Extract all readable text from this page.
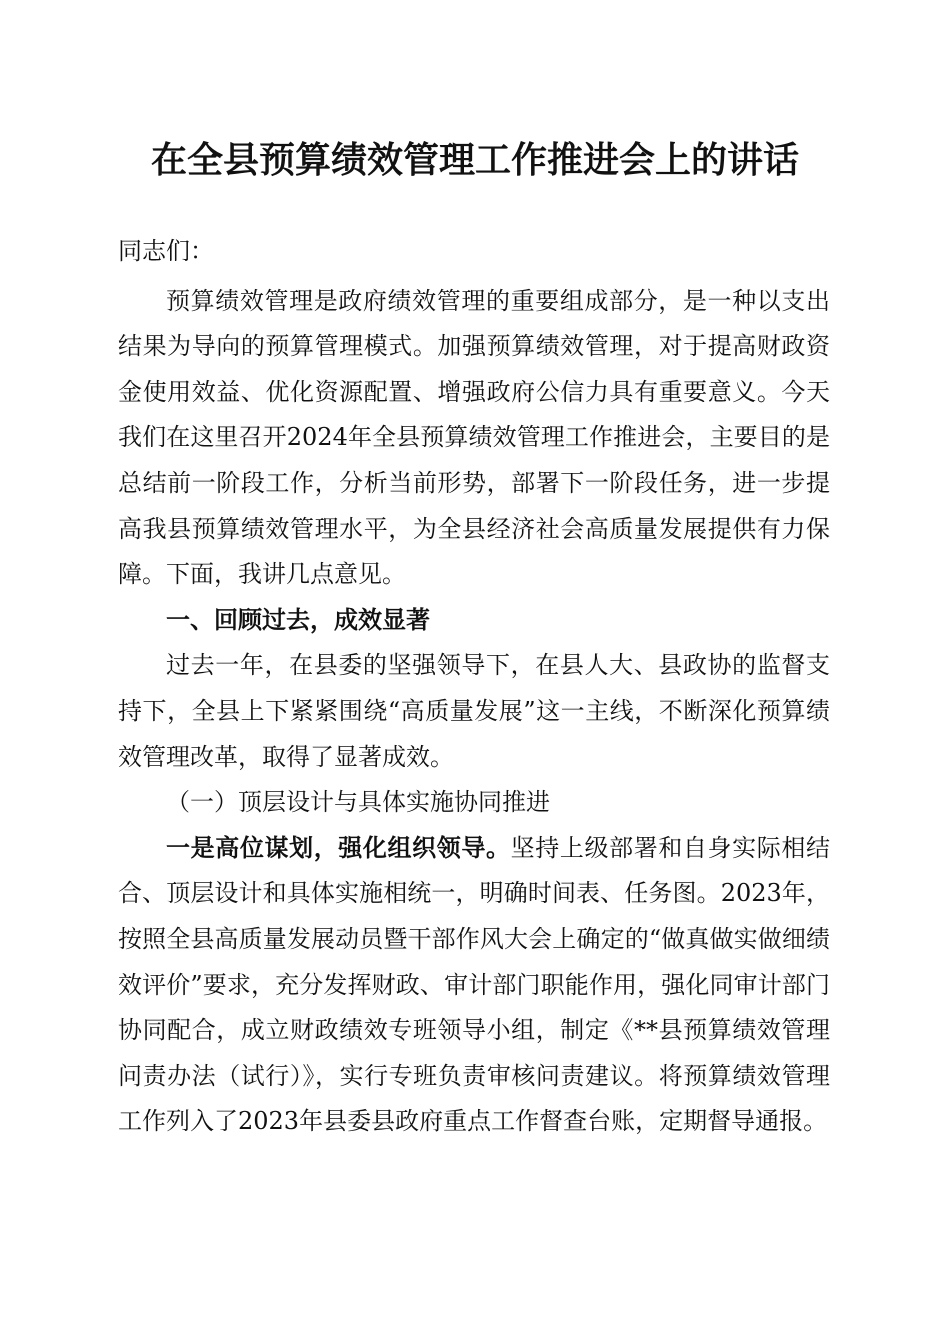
在全县预算绩效管理工作推进会上的讲话

同志们：

预算绩效管理是政府绩效管理的重要组成部分，是一种以支出结果为导向的预算管理模式。加强预算绩效管理，对于提高财政资金使用效益、优化资源配置、增强政府公信力具有重要意义。今天我们在这里召开2024年全县预算绩效管理工作推进会，主要目的是总结前一阶段工作，分析当前形势，部署下一阶段任务，进一步提高我县预算绩效管理水平，为全县经济社会高质量发展提供有力保障。下面，我讲几点意见。

一、回顾过去，成效显著

过去一年，在县委的坚强领导下，在县人大、县政协的监督支持下，全县上下紧紧围绕“高质量发展”这一主线，不断深化预算绩效管理改革，取得了显著成效。

（一）顶层设计与具体实施协同推进

一是高位谋划，强化组织领导。坚持上级部署和自身实际相结合、顶层设计和具体实施相统一，明确时间表、任务图。2023年，按照全县高质量发展动员暨干部作风大会上确定的“做真做实做细绩效评价”要求，充分发挥财政、审计部门职能作用，强化同审计部门协同配合，成立财政绩效专班领导小组，制定《**县预算绩效管理问责办法（试行）》，实行专班负责审核问责建议。将预算绩效管理工作列入了2023年县委县政府重点工作督查台账，定期督导通报。
